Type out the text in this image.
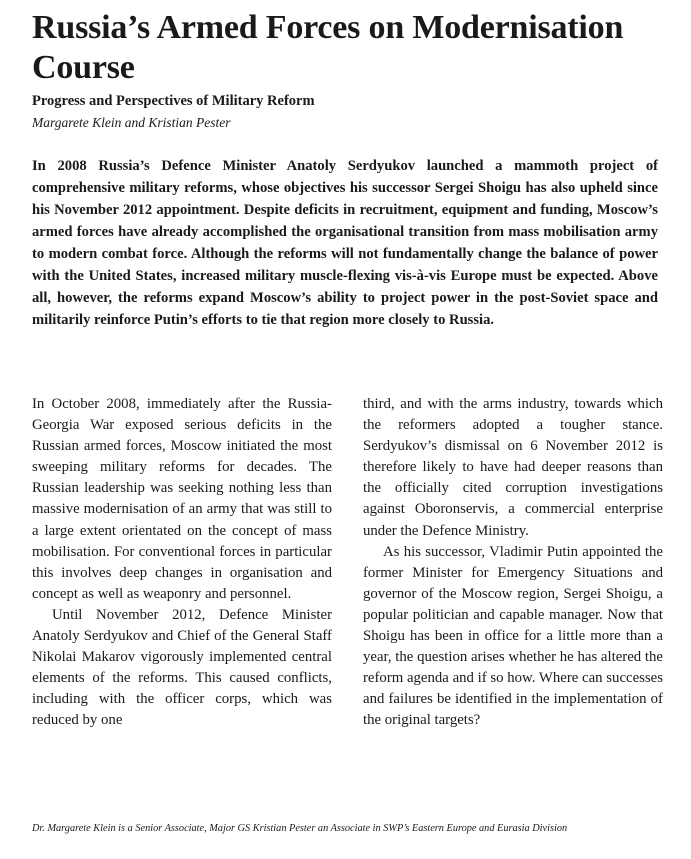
Russia’s Armed Forces on Modernisation Course
Progress and Perspectives of Military Reform
Margarete Klein and Kristian Pester

In 2008 Russia’s Defence Minister Anatoly Serdyukov launched a mammoth project of comprehensive military reforms, whose objectives his successor Sergei Shoigu has also upheld since his November 2012 appointment. Despite deficits in recruitment, equipment and funding, Moscow’s armed forces have already accomplished the organisational transition from mass mobilisation army to modern combat force. Although the reforms will not fundamentally change the balance of power with the United States, increased military muscle-flexing vis-à-vis Europe must be expected. Above all, however, the reforms expand Moscow’s ability to project power in the post-Soviet space and militarily reinforce Putin’s efforts to tie that region more closely to Russia.

In October 2008, immediately after the Russia-Georgia War exposed serious deficits in the Russian armed forces, Moscow initiated the most sweeping military reforms for decades. The Russian leadership was seeking nothing less than massive modernisation of an army that was still to a large extent orientated on the concept of mass mobilisation. For conventional forces in particular this involves deep changes in organisation and concept as well as weaponry and personnel.

Until November 2012, Defence Minister Anatoly Serdyukov and Chief of the General Staff Nikolai Makarov vigorously implemented central elements of the reforms. This caused conflicts, including with the officer corps, which was reduced by one

third, and with the arms industry, towards which the reformers adopted a tougher stance. Serdyukov’s dismissal on 6 November 2012 is therefore likely to have had deeper reasons than the officially cited corruption investigations against Oboronservis, a commercial enterprise under the Defence Ministry.

As his successor, Vladimir Putin appointed the former Minister for Emergency Situations and governor of the Moscow region, Sergei Shoigu, a popular politician and capable manager. Now that Shoigu has been in office for a little more than a year, the question arises whether he has altered the reform agenda and if so how. Where can successes and failures be identified in the implementation of the original targets?

Dr. Margarete Klein is a Senior Associate, Major GS Kristian Pester an Associate in SWP’s Eastern Europe and Eurasia Division
